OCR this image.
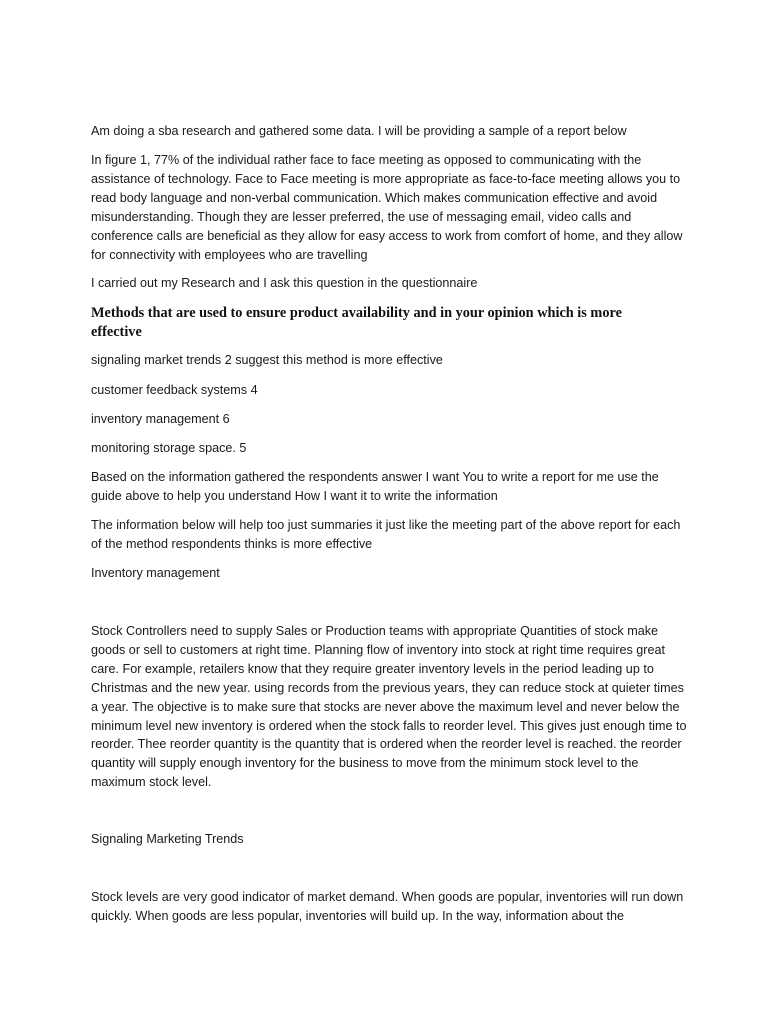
Am doing a sba research and gathered some data. I will be providing a sample of a report below

In figure 1, 77% of the individual rather face to face meeting as opposed to communicating with the assistance of technology. Face to Face meeting is more appropriate as face-to-face meeting allows you to read body language and non-verbal communication. Which makes communication effective and avoid misunderstanding. Though they are lesser preferred, the use of messaging email, video calls and conference calls are beneficial as they allow for easy access to work from comfort of home, and they allow for connectivity with employees who are travelling

I carried out my Research and I ask this question in the questionnaire

Methods that are used to ensure product availability and in your opinion which is more effective

signaling market trends 2 suggest this method is more effective

customer feedback systems 4

inventory management 6

monitoring storage space. 5

Based on the information gathered the respondents answer I want You to write a report for me use the guide above to help you understand How I want it to write the information

The information below will help too just summaries it just like the meeting part of the above report for each of the method respondents thinks is more effective

Inventory management

Stock Controllers need to supply Sales or Production teams with appropriate Quantities of stock make goods or sell to customers at right time. Planning flow of inventory into stock at right time requires great care. For example, retailers know that they require greater inventory levels in the period leading up to Christmas and the new year. using records from the previous years, they can reduce stock at quieter times a year. The objective is to make sure that stocks are never above the maximum level and never below the minimum level new inventory is ordered when the stock falls to reorder level. This gives just enough time to reorder. Thee reorder quantity is the quantity that is ordered when the reorder level is reached. the reorder quantity will supply enough inventory for the business to move from the minimum stock level to the maximum stock level.

Signaling Marketing Trends

Stock levels are very good indicator of market demand. When goods are popular, inventories will run down quickly. When goods are less popular, inventories will build up. In the way, information about the
